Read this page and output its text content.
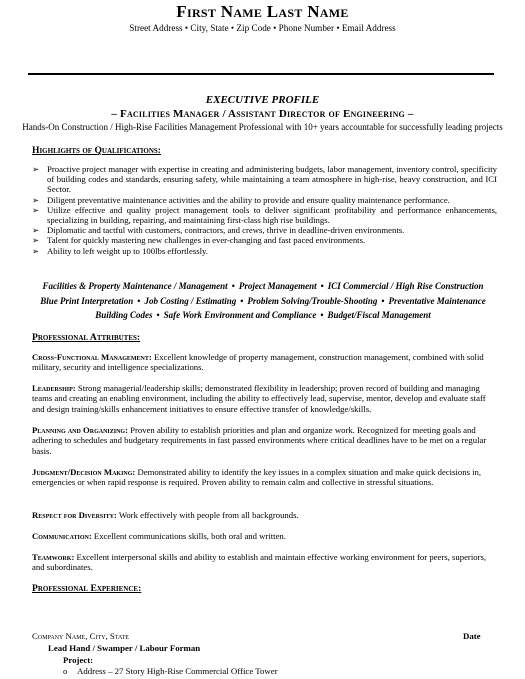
First Name Last Name
Street Address • City, State • Zip Code • Phone Number • Email Address
EXECUTIVE PROFILE
– Facilities Manager / Assistant Director of Engineering –
Hands-On Construction / High-Rise Facilities Management Professional with 10+ years accountable for successfully leading projects
Highlights of Qualifications:
➢ Proactive project manager with expertise in creating and administering budgets, labor management, inventory control, specificity of building codes and standards, ensuring safety, while maintaining a team atmosphere in high-rise, heavy construction, and ICI Sector.
➢ Diligent preventative maintenance activities and the ability to provide and ensure quality maintenance performance.
➢ Utilize effective and quality project management tools to deliver significant profitability and performance enhancements, specializing in building, repairing, and maintaining first-class high rise buildings.
➢ Diplomatic and tactful with customers, contractors, and crews, thrive in deadline-driven environments.
➢ Talent for quickly mastering new challenges in ever-changing and fast paced environments.
➢ Ability to left weight up to 100lbs effortlessly.
Facilities & Property Maintenance / Management • Project Management • ICI Commercial / High Rise Construction
Blue Print Interpretation • Job Costing / Estimating • Problem Solving/Trouble-Shooting • Preventative Maintenance
Building Codes • Safe Work Environment and Compliance • Budget/Fiscal Management
Professional Attributes:
Cross-Functional Management: Excellent knowledge of property management, construction management, combined with solid military, security and intelligence specializations.
Leadership: Strong managerial/leadership skills; demonstrated flexibility in leadership; proven record of building and managing teams and creating an enabling environment, including the ability to effectively lead, supervise, mentor, develop and evaluate staff and design training/skills enhancement initiatives to ensure effective transfer of knowledge/skills.
Planning and Organizing: Proven ability to establish priorities and plan and organize work. Recognized for meeting goals and adhering to schedules and budgetary requirements in fast passed environments where critical deadlines have to be met on a regular basis.
Judgment/Decision Making: Demonstrated ability to identify the key issues in a complex situation and make quick decisions in, emergencies or when rapid response is required. Proven ability to remain calm and collective in stressful situations.
Respect for Diversity: Work effectively with people from all backgrounds.
Communication: Excellent communications skills, both oral and written.
Teamwork: Excellent interpersonal skills and ability to establish and maintain effective working environment for peers, superiors, and subordinates.
Professional Experience:
Company Name, City, State	Date
Lead Hand / Swamper / Labour Forman
Project:
o Address – 27 Story High-Rise Commercial Office Tower
